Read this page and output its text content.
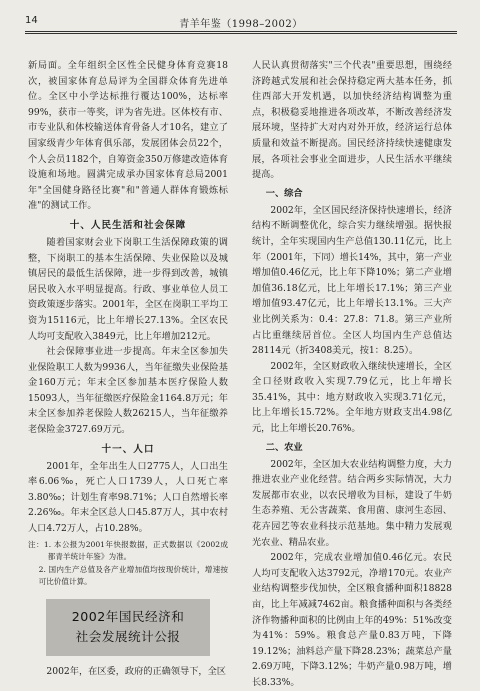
14	青羊年鉴（1998–2002）

新局面。全年组织全区性全民健身体育竞赛18次，被国家体育总局评为全国群众体育先进单位。全区中小学达标推行覆达100%，达标率99%，获市一等奖，评为省先进。区体校有市、市专业队和体校输送体育骨备人才10名，建立了国家级青少年体育俱乐部，发展团体会员22个，个人会员1182个，自筹资金350万修建改造体育设施和场地。圆满完成承办国家体育总局2001年"全国健身路径比赛"和"普通人群体育锻炼标准"的测试工作。

十、人民生活和社会保障

随着国家财会业下岗职工生活保障政策的调整，下岗职工的基本生活保障、失业保险以及城镇居民的最低生活保障，进一步得到改善，城镇居民收入水平明显提高。行政、事业单位人员工资政策逐步落实。2001年，全区在岗职工平均工资为15116元，比上年增长27.13%。全区农民人均可支配收入3849元，比上年增加212元。

社会保障事业进一步提高。年末全区参加失业保险职工人数为9936人，当年征缴失业保险基金160万元；年末全区参加基本医疗保险人数15093人，当年征缴医疗保险金1164.8万元；年末全区参加养老保险人数26215人，当年征缴养老保险金3727.69万元。

十一、人口

2001年，全年出生人口2775人，人口出生率6.06‰，死亡人口1739人，人口死亡率3.80‰；计划生育率98.71%；人口自然增长率2.26‰。年末全区总人口45.87万人，其中农村人口4.72万人，占10.28%。

注：1. 本公报为2001年快报数据，正式数据以《2002成都青羊统计年鉴》为准。
2. 国内生产总值及各产业增加值均按现价统计，增速按可比价值计算。
2002年国民经济和
社会发展统计公报

2002年，在区委，政府的正确领导下，全区

人民认真贯彻落实"三个代表"重要思想，围绕经济跨越式发展和社会保持稳定两大基本任务，抓住西部大开发机遇，以加快经济结构调整为重点，积极稳妥地推进各项改革，不断改善经济发展环境，坚持扩大对内对外开放，经济运行总体质量和效益不断提高。国民经济持续快速健康发展，各项社会事业全面进步，人民生活水平继续提高。

一、综合

2002年，全区国民经济保持快速增长，经济结构不断调整优化，综合实力继续增强。据快报统计，全年实现国内生产总值130.11亿元，比上年（2001年，下同）增长14%，其中，第一产业增加值0.46亿元，比上年下降10%；第二产业增加值36.18亿元，比上年增长17.1%；第三产业增加值93.47亿元，比上年增长13.1%。三大产业比例关系为：0.4：27.8：71.8。第三产业所占比重继续居首位。全区人均国内生产总值达28114元（折3408美元，按1：8.25）。

2002年，全区财政收入继续快速增长，全区全口径财政收入实现7.79亿元，比上年增长35.41%，其中：地方财政收入实现3.71亿元，比上年增长15.72%。全年地方财政支出4.98亿元，比上年增长20.76%。

二、农业

2002年，全区加大农业结构调整力度，大力推进农业产业化经营。结合两乡实际情况，大力发展都市农业，以农民增收为目标，建设了牛奶生态养殖、无公害蔬菜、食用菌、康河生态园、花卉园艺等农业科技示范基地。集中精力发展观光农业、精品农业。

2002年，完成农业增加值0.46亿元。农民人均可支配收入达3792元，净增170元。农业产业结构调整步伐加快，全区粮食播种面积18828亩，比上年减减7462亩。粮食播种面积与各类经济作物播种面积的比例由上年的49%：51%改变为41%：59%。粮食总产量0.83万吨，下降19.12%；油料总产量下降28.23%；蔬菜总产量2.69万吨，下降3.12%；牛奶产量0.98万吨，增长8.33%。
